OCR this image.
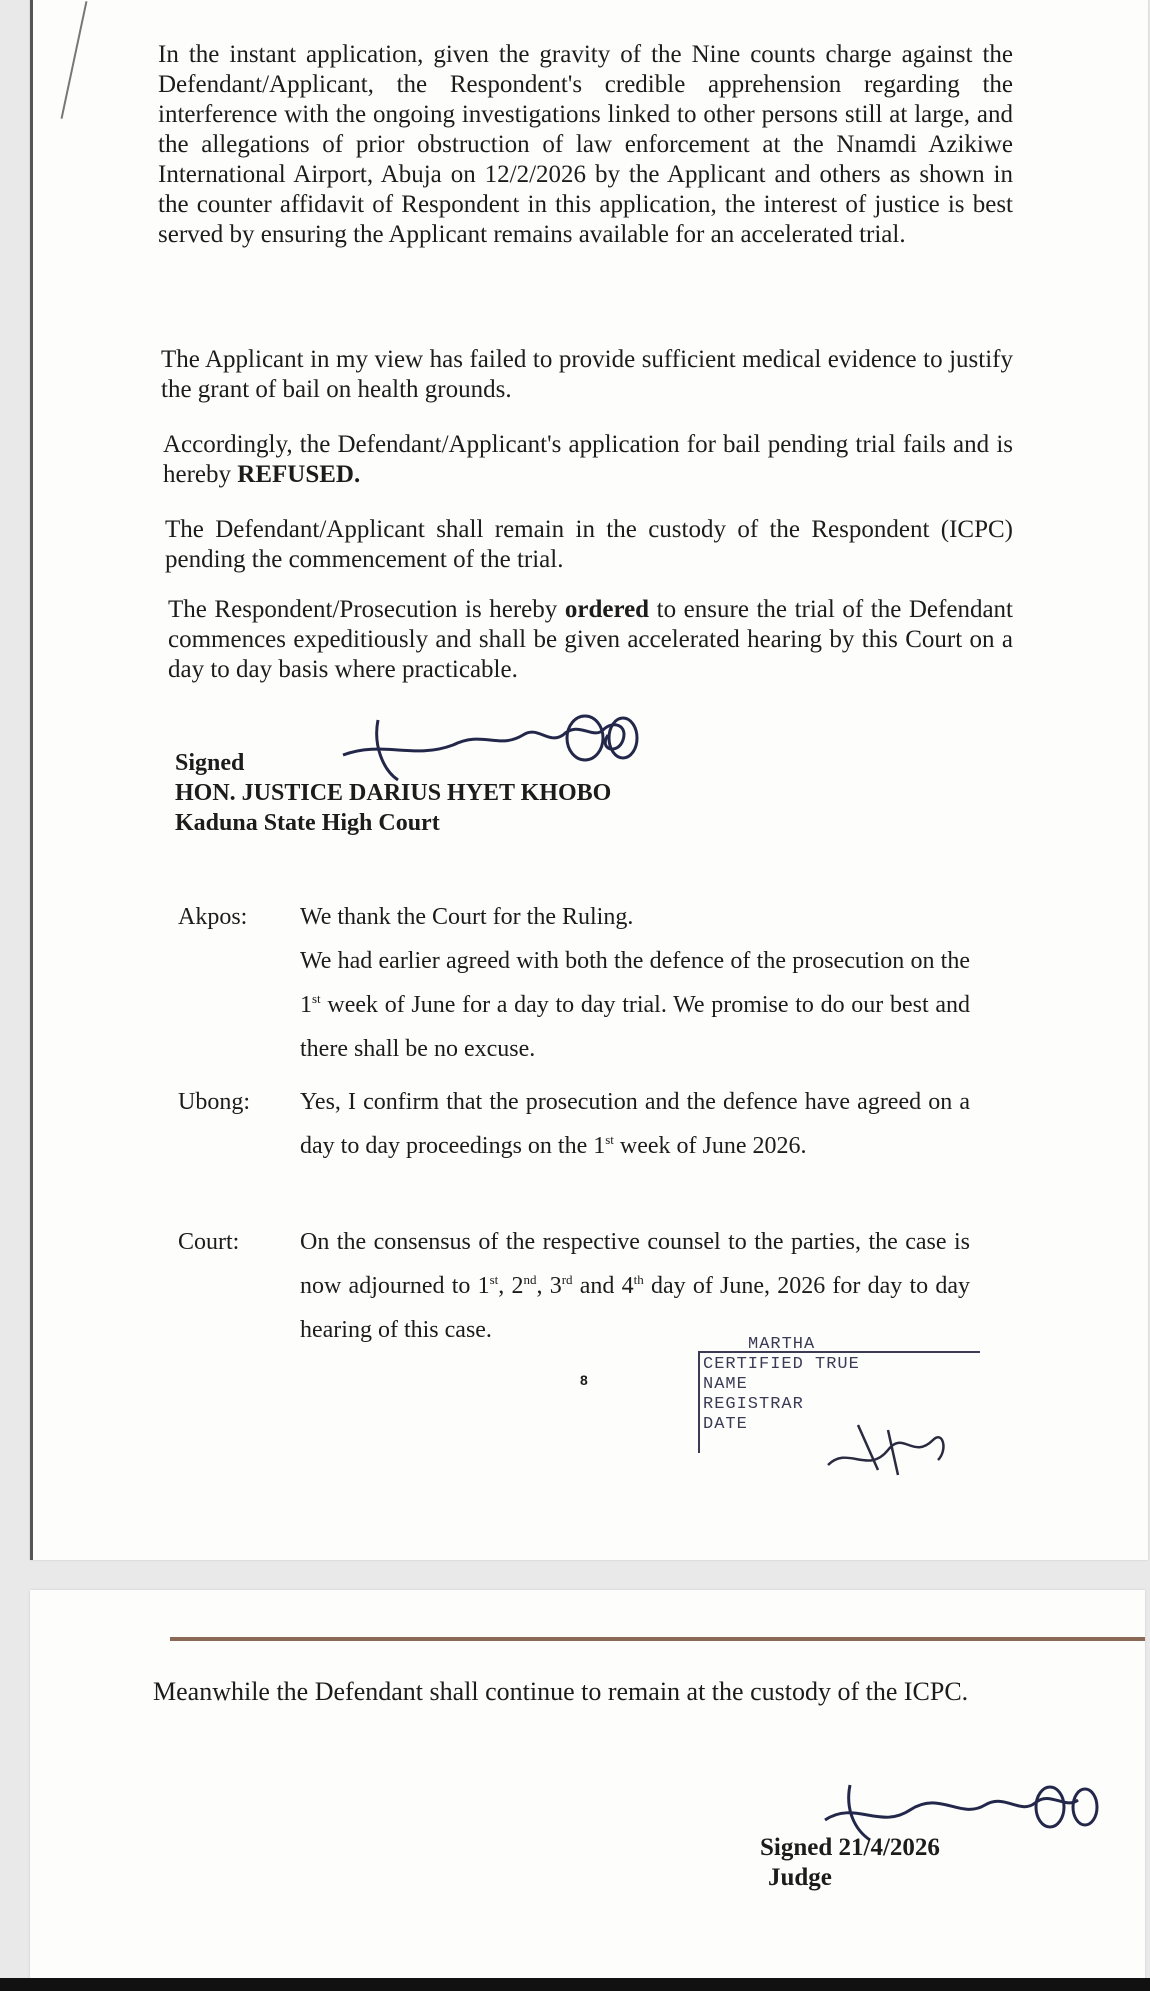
In the instant application, given the gravity of the Nine counts charge against the Defendant/Applicant, the Respondent's credible apprehension regarding the interference with the ongoing investigations linked to other persons still at large, and the allegations of prior obstruction of law enforcement at the Nnamdi Azikiwe International Airport, Abuja on 12/2/2026 by the Applicant and others as shown in the counter affidavit of Respondent in this application, the interest of justice is best served by ensuring the Applicant remains available for an accelerated trial.

The Applicant in my view has failed to provide sufficient medical evidence to justify the grant of bail on health grounds.

Accordingly, the Defendant/Applicant's application for bail pending trial fails and is hereby REFUSED.

The Defendant/Applicant shall remain in the custody of the Respondent (ICPC) pending the commencement of the trial.

The Respondent/Prosecution is hereby ordered to ensure the trial of the Defendant commences expeditiously and shall be given accelerated hearing by this Court on a day to day basis where practicable.

Signed
HON. JUSTICE DARIUS HYET KHOBO
Kaduna State High Court
Akpos:	We thank the Court for the Ruling.
We had earlier agreed with both the defence of the prosecution on the 1st week of June for a day to day trial. We promise to do our best and there shall be no excuse.
Ubong:	Yes, I confirm that the prosecution and the defence have agreed on a day to day proceedings on the 1st week of June 2026.
Court:	On the consensus of the respective counsel to the parties, the case is now adjourned to 1st, 2nd, 3rd and 4th day of June, 2026 for day to day hearing of this case.
8
MARTHA
CERTIFIED TRUE
NAME
REGISTRAR
DATE

Meanwhile the Defendant shall continue to remain at the custody of the ICPC.

Signed 21/4/2026
Judge
